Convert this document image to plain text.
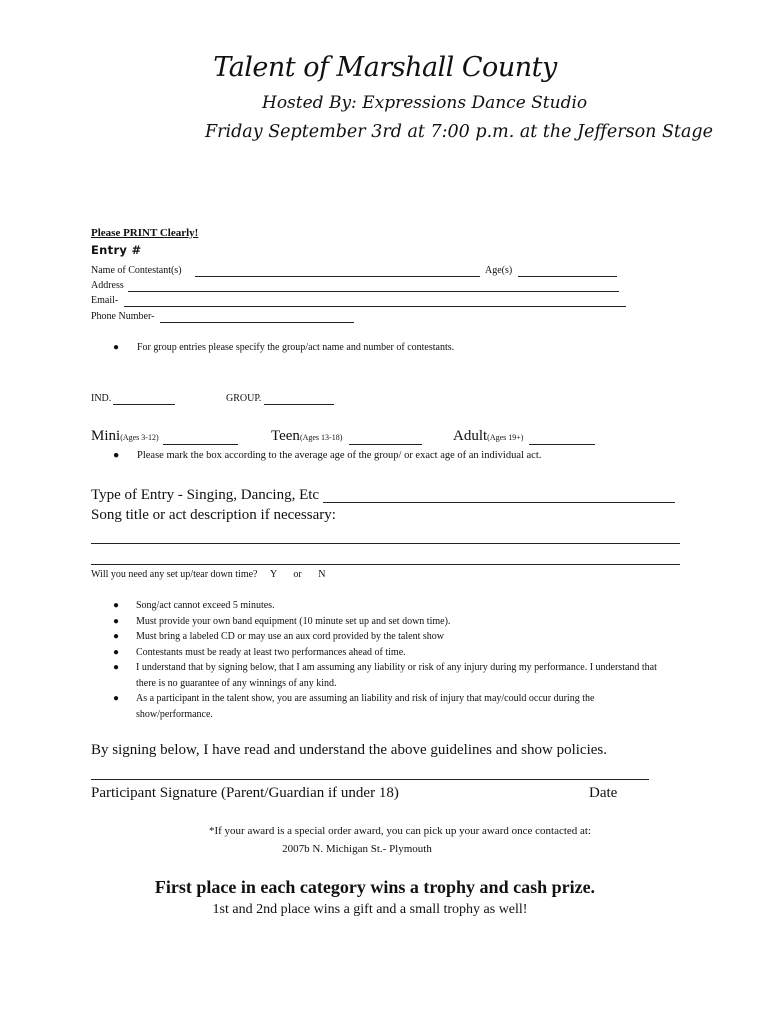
Talent of Marshall County
Hosted By: Expressions Dance Studio
Friday September 3rd at 7:00 p.m. at the Jefferson Stage
Please PRINT Clearly!
Entry #
Name of Contestant(s)	Age(s)
Address
Email-
Phone Number-
● For group entries please specify the group/act name and number of contestants.
IND.	GROUP.
Mini(Ages 3-12)	Teen(Ages 13-18)	Adult(Ages 19+)
● Please mark the box according to the average age of the group/ or exact age of an individual act.
Type of Entry - Singing, Dancing, Etc
Song title or act description if necessary:
Will you need any set up/tear down time? Y or N
● Song/act cannot exceed 5 minutes.
● Must provide your own band equipment (10 minute set up and set down time).
● Must bring a labeled CD or may use an aux cord provided by the talent show
● Contestants must be ready at least two performances ahead of time.
● I understand that by signing below, that I am assuming any liability or risk of any injury during my performance. I understand that there is no guarantee of any winnings of any kind.
● As a participant in the talent show, you are assuming an liability and risk of injury that may/could occur during the show/performance.
By signing below, I have read and understand the above guidelines and show policies.
Participant Signature (Parent/Guardian if under 18)	Date
*If your award is a special order award, you can pick up your award once contacted at:
2007b N. Michigan St.- Plymouth
First place in each category wins a trophy and cash prize.
1st and 2nd place wins a gift and a small trophy as well!
